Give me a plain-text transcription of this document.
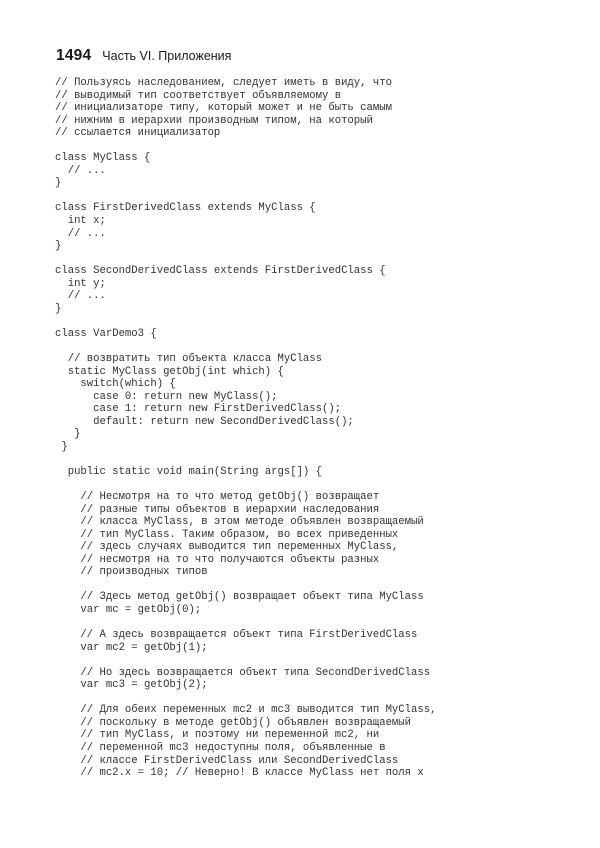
1494 Часть VI. Приложения
// Пользуясь наследованием, следует иметь в виду, что
// выводимый тип соответствует объявляемому в
// инициализаторе типу, который может и не быть самым
// нижним в иерархии производным типом, на который
// ссылается инициализатор
class MyClass {
// ...
}
class FirstDerivedClass extends MyClass {
int x;
// ...
}
class SecondDerivedClass extends FirstDerivedClass {
int y;
// ...
}
class VarDemo3 {
// возвратить тип объекта класса MyClass
static MyClass getObj(int which) {
switch(which) {
case 0: return new MyClass();
case 1: return new FirstDerivedClass();
default: return new SecondDerivedClass();
}
}
public static void main(String args[]) {
// Несмотря на то что метод getObj() возвращает
// разные типы объектов в иерархии наследования
// класса MyClass, в этом методе объявлен возвращаемый
// тип MyClass. Таким образом, во всех приведенных
// здесь случаях выводится тип переменных MyClass,
// несмотря на то что получаются объекты разных
// производных типов
// Здесь метод getObj() возвращает объект типа MyClass
var mc = getObj(0);
// А здесь возвращается объект типа FirstDerivedClass
var mc2 = getObj(1);
// Но здесь возвращается объект типа SecondDerivedClass
var mc3 = getObj(2);
// Для обеих переменных mc2 и mc3 выводится тип MyClass,
// поскольку в методе getObj() объявлен возвращаемый
// тип MyClass, и поэтому ни переменной mc2, ни
// переменной mc3 недоступны поля, объявленные в
// классе FirstDerivedClass или SecondDerivedClass
// mc2.x = 10; // Неверно! В классе MyClass нет поля x
